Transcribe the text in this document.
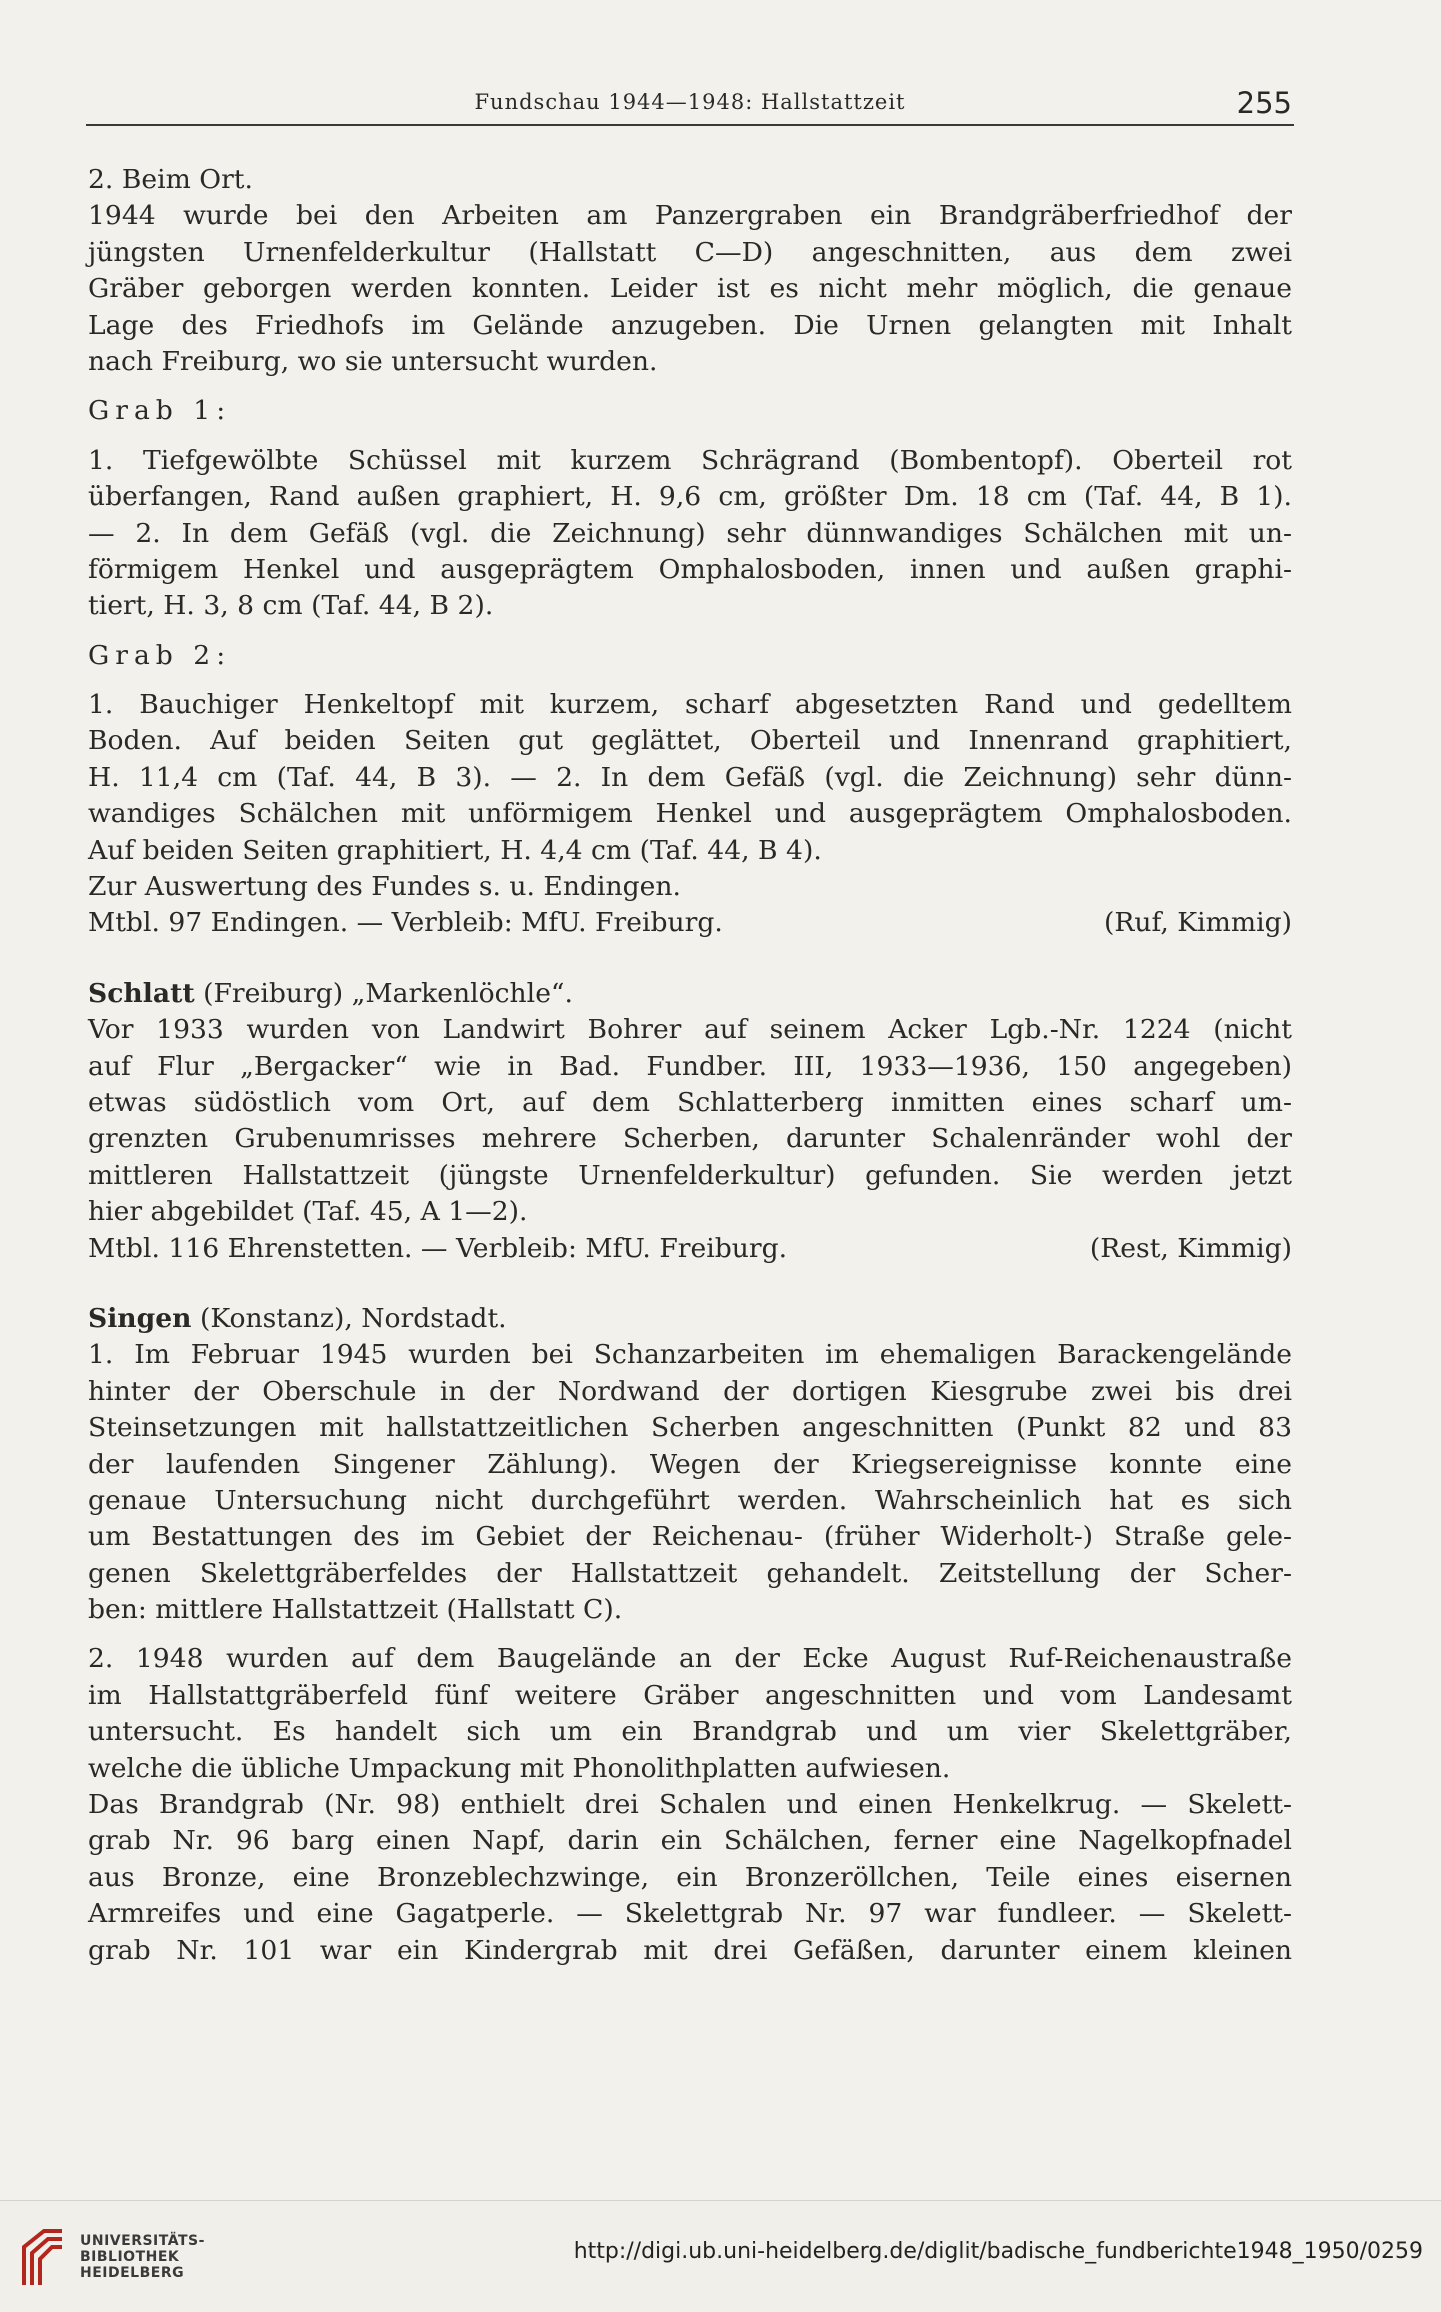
Fundschau 1944—1948: Hallstattzeit	255
2. Beim Ort.
1944 wurde bei den Arbeiten am Panzergraben ein Brandgräberfriedhof der
jüngsten Urnenfelderkultur (Hallstatt C—D) angeschnitten, aus dem zwei
Gräber geborgen werden konnten. Leider ist es nicht mehr möglich, die genaue
Lage des Friedhofs im Gelände anzugeben. Die Urnen gelangten mit Inhalt
nach Freiburg, wo sie untersucht wurden.
Grab 1:
1. Tiefgewölbte Schüssel mit kurzem Schrägrand (Bombentopf). Oberteil rot
überfangen, Rand außen graphiert, H. 9,6 cm, größter Dm. 18 cm (Taf. 44, B 1).
— 2. In dem Gefäß (vgl. die Zeichnung) sehr dünnwandiges Schälchen mit un-
förmigem Henkel und ausgeprägtem Omphalosboden, innen und außen graphi-
tiert, H. 3, 8 cm (Taf. 44, B 2).
Grab 2:
1. Bauchiger Henkeltopf mit kurzem, scharf abgesetzten Rand und gedelltem
Boden. Auf beiden Seiten gut geglättet, Oberteil und Innenrand graphitiert,
H. 11,4 cm (Taf. 44, B 3). — 2. In dem Gefäß (vgl. die Zeichnung) sehr dünn-
wandiges Schälchen mit unförmigem Henkel und ausgeprägtem Omphalosboden.
Auf beiden Seiten graphitiert, H. 4,4 cm (Taf. 44, B 4).
Zur Auswertung des Fundes s. u. Endingen.
Mtbl. 97 Endingen. — Verbleib: MfU. Freiburg.	(Ruf, Kimmig)
Schlatt (Freiburg) „Markenlöchle“.
Vor 1933 wurden von Landwirt Bohrer auf seinem Acker Lgb.-Nr. 1224 (nicht
auf Flur „Bergacker“ wie in Bad. Fundber. III, 1933—1936, 150 angegeben)
etwas südöstlich vom Ort, auf dem Schlatterberg inmitten eines scharf um-
grenzten Grubenumrisses mehrere Scherben, darunter Schalenränder wohl der
mittleren Hallstattzeit (jüngste Urnenfelderkultur) gefunden. Sie werden jetzt
hier abgebildet (Taf. 45, A 1—2).
Mtbl. 116 Ehrenstetten. — Verbleib: MfU. Freiburg.	(Rest, Kimmig)
Singen (Konstanz), Nordstadt.
1. Im Februar 1945 wurden bei Schanzarbeiten im ehemaligen Barackengelände
hinter der Oberschule in der Nordwand der dortigen Kiesgrube zwei bis drei
Steinsetzungen mit hallstattzeitlichen Scherben angeschnitten (Punkt 82 und 83
der laufenden Singener Zählung). Wegen der Kriegsereignisse konnte eine
genaue Untersuchung nicht durchgeführt werden. Wahrscheinlich hat es sich
um Bestattungen des im Gebiet der Reichenau- (früher Widerholt-) Straße gele-
genen Skelettgräberfeldes der Hallstattzeit gehandelt. Zeitstellung der Scher-
ben: mittlere Hallstattzeit (Hallstatt C).
2. 1948 wurden auf dem Baugelände an der Ecke August Ruf-Reichenaustraße
im Hallstattgräberfeld fünf weitere Gräber angeschnitten und vom Landesamt
untersucht. Es handelt sich um ein Brandgrab und um vier Skelettgräber,
welche die übliche Umpackung mit Phonolithplatten aufwiesen.
Das Brandgrab (Nr. 98) enthielt drei Schalen und einen Henkelkrug. — Skelett-
grab Nr. 96 barg einen Napf, darin ein Schälchen, ferner eine Nagelkopfnadel
aus Bronze, eine Bronzeblechzwinge, ein Bronzeröllchen, Teile eines eisernen
Armreifes und eine Gagatperle. — Skelettgrab Nr. 97 war fundleer. — Skelett-
grab Nr. 101 war ein Kindergrab mit drei Gefäßen, darunter einem kleinen
UNIVERSITÄTS-
BIBLIOTHEK
HEIDELBERG
http://digi.ub.uni-heidelberg.de/diglit/badische_fundberichte1948_1950/0259
